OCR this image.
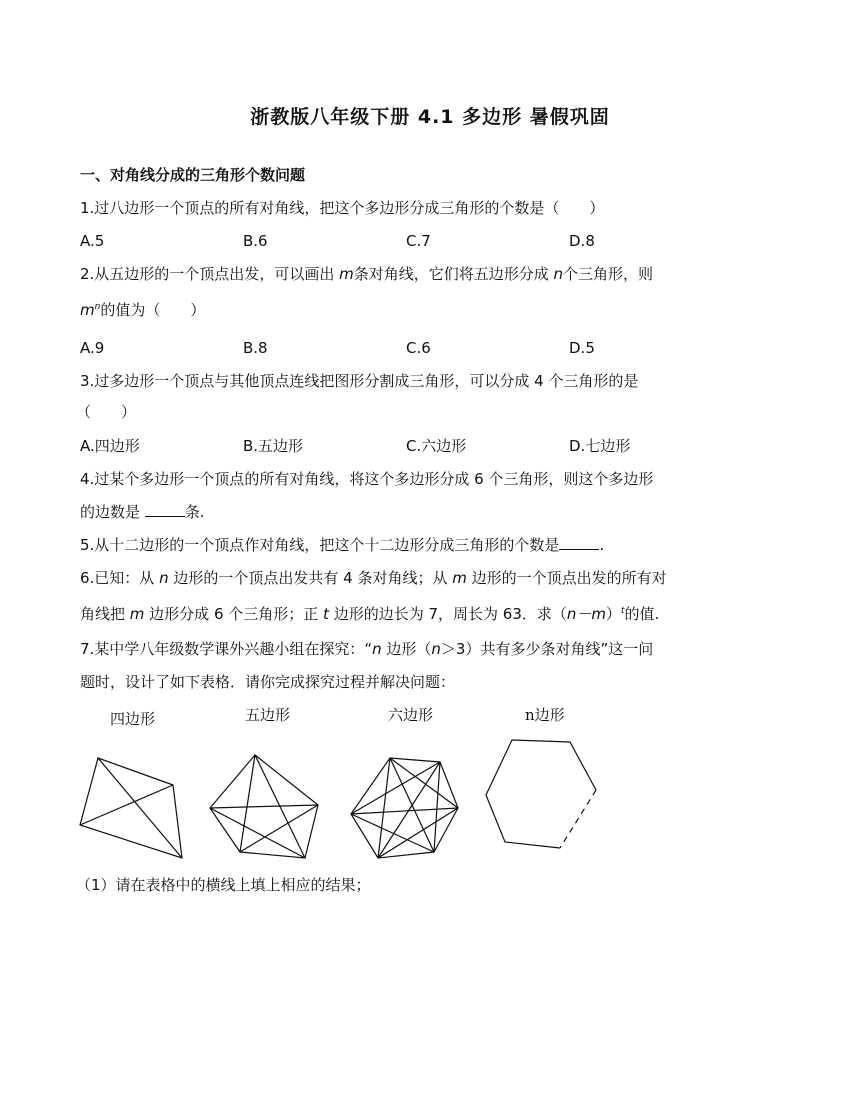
浙教版八年级下册 4.1 多边形 暑假巩固
一、对角线分成的三角形个数问题
1.过八边形一个顶点的所有对角线，把这个多边形分成三角形的个数是（　　）
A.5	B.6	C.7	D.8
2.从五边形的一个顶点出发，可以画出 m条对角线，它们将五边形分成 n个三角形，则
$m^n$的值为（　　）
A.9	B.8	C.6	D.5
3.过多边形一个顶点与其他顶点连线把图形分割成三角形，可以分成 4 个三角形的是
（　　）
A.四边形	B.五边形	C.六边形	D.七边形
4.过某个多边形一个顶点的所有对角线，将这个多边形分成 6 个三角形，则这个多边形
的边数是	条.
5.从十二边形的一个顶点作对角线，把这个十二边形分成三角形的个数是	.
6.已知：从 n 边形的一个顶点出发共有 4 条对角线；从 m 边形的一个顶点出发的所有对
角线把 m 边形分成 6 个三角形；正 t 边形的边长为 7，周长为 63．求$(n-m)^t$的值.
7.某中学八年级数学课外兴趣小组在探究：“n 边形（n＞3）共有多少条对角线”这一问
题时，设计了如下表格．请你完成探究过程并解决问题：
四边形	五边形	六边形	n边形
（1）请在表格中的横线上填上相应的结果；
